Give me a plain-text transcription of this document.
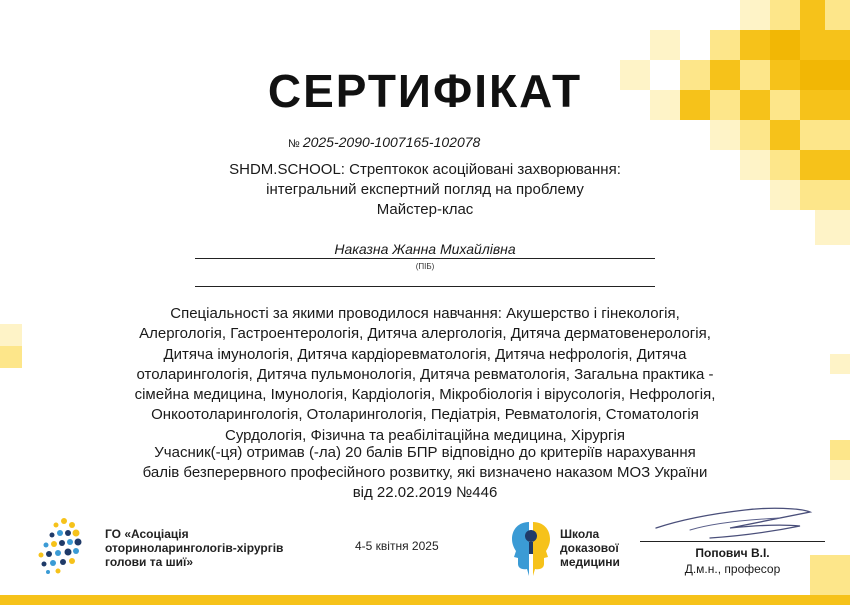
СЕРТИФІКАТ
№ 2025-2090-1007165-102078
SHDM.SCHOOL: Стрептокок асоційовані захворювання:
інтегральний експертний погляд на проблему
Майстер-клас
Наказна Жанна Михайлівна
(ПІБ)
Спеціальності за якими проводилося навчання: Акушерство і гінекологія,
Алергологія, Гастроентерологія, Дитяча алергологія, Дитяча дерматовенерологія,
Дитяча імунологія, Дитяча кардіоревматологія, Дитяча нефрологія, Дитяча
отоларингологія, Дитяча пульмонологія, Дитяча ревматологія, Загальна практика -
сімейна медицина, Імунологія, Кардіологія, Мікробіологія і вірусологія, Нефрологія,
Онкоотоларингологія, Отоларингологія, Педіатрія, Ревматологія, Стоматологія
Сурдологія, Фізична та реабілітаційна медицина, Хірургія
Учасник(-ця) отримав (-ла) 20 балів БПР відповідно до критеріїв нарахування
балів безперервного професійного розвитку, які визначено наказом МОЗ України
від 22.02.2019 №446
ГО «Асоціація
оториноларингологів-хірургів
голови та шиї»
4-5 квітня 2025
Школа
доказової
медицини
Попович В.І.
Д.м.н., професор
